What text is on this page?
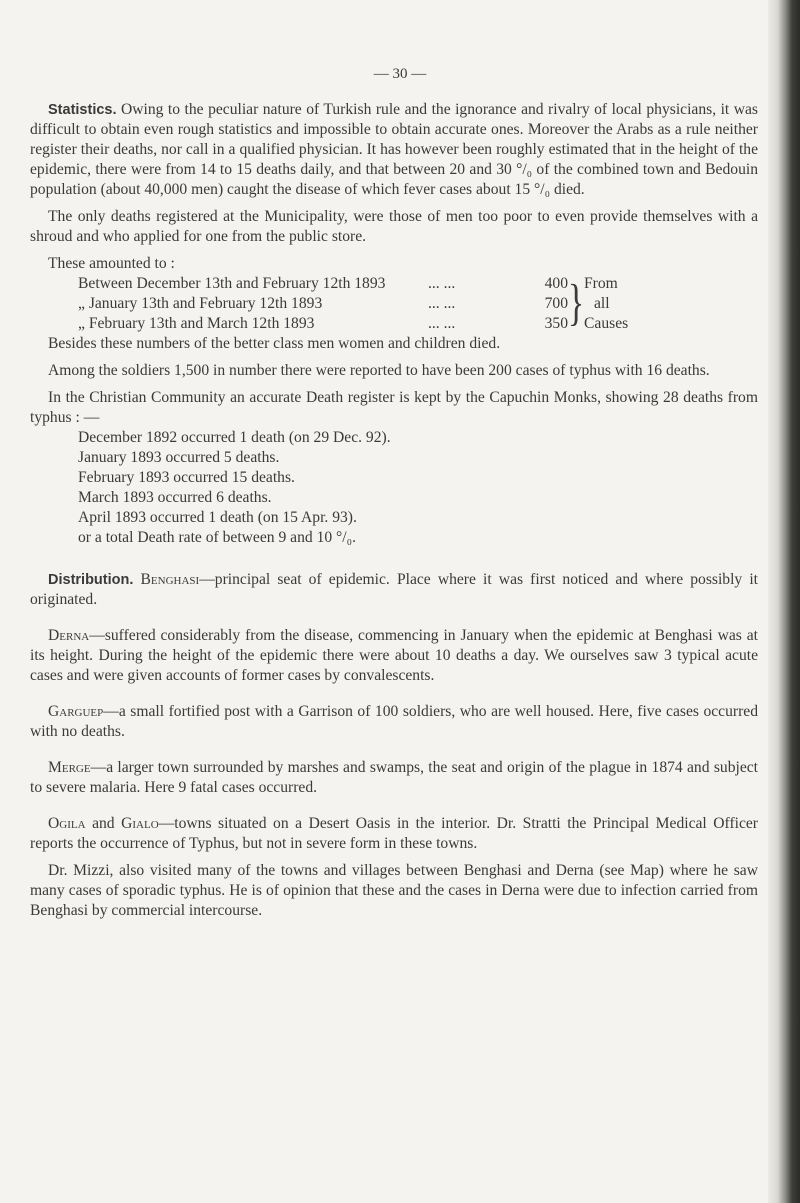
— 30 —

Statistics. Owing to the peculiar nature of Turkish rule and the ignorance and rivalry of local physicians, it was difficult to obtain even rough statistics and impossible to obtain accurate ones. Moreover the Arabs as a rule neither register their deaths, nor call in a qualified physician. It has however been roughly estimated that in the height of the epidemic, there were from 14 to 15 deaths daily, and that between 20 and 30 °/₀ of the combined town and Bedouin population (about 40,000 men) caught the disease of which fever cases about 15 °/₀ died.

The only deaths registered at the Municipality, were those of men too poor to even provide themselves with a shroud and who applied for one from the public store.

These amounted to :

Between December 13th and February 12th 1893	... ...	400 } From
„ January 13th and February 12th 1893	... ...	700	all
„ February 13th and March 12th 1893	... ...	350 Causes

Besides these numbers of the better class men women and children died.

Among the soldiers 1,500 in number there were reported to have been 200 cases of typhus with 16 deaths.

In the Christian Community an accurate Death register is kept by the Capuchin Monks, showing 28 deaths from typhus : —

December 1892 occurred 1 death (on 29 Dec. 92).
January 1893 occurred 5 deaths.
February 1893 occurred 15 deaths.
March 1893 occurred 6 deaths.
April 1893 occurred 1 death (on 15 Apr. 93).
or a total Death rate of between 9 and 10 °/₀.

Distribution. Benghasi—principal seat of epidemic. Place where it was first noticed and where possibly it originated.

Derna—suffered considerably from the disease, commencing in January when the epidemic at Benghasi was at its height. During the height of the epidemic there were about 10 deaths a day. We ourselves saw 3 typical acute cases and were given accounts of former cases by convalescents.

Garguep—a small fortified post with a Garrison of 100 soldiers, who are well housed. Here, five cases occurred with no deaths.

Merge—a larger town surrounded by marshes and swamps, the seat and origin of the plague in 1874 and subject to severe malaria. Here 9 fatal cases occurred.

Ogila and Gialo—towns situated on a Desert Oasis in the interior. Dr. Stratti the Principal Medical Officer reports the occurrence of Typhus, but not in severe form in these towns.

Dr. Mizzi, also visited many of the towns and villages between Benghasi and Derna (see Map) where he saw many cases of sporadic typhus. He is of opinion that these and the cases in Derna were due to infection carried from Benghasi by commercial intercourse.
